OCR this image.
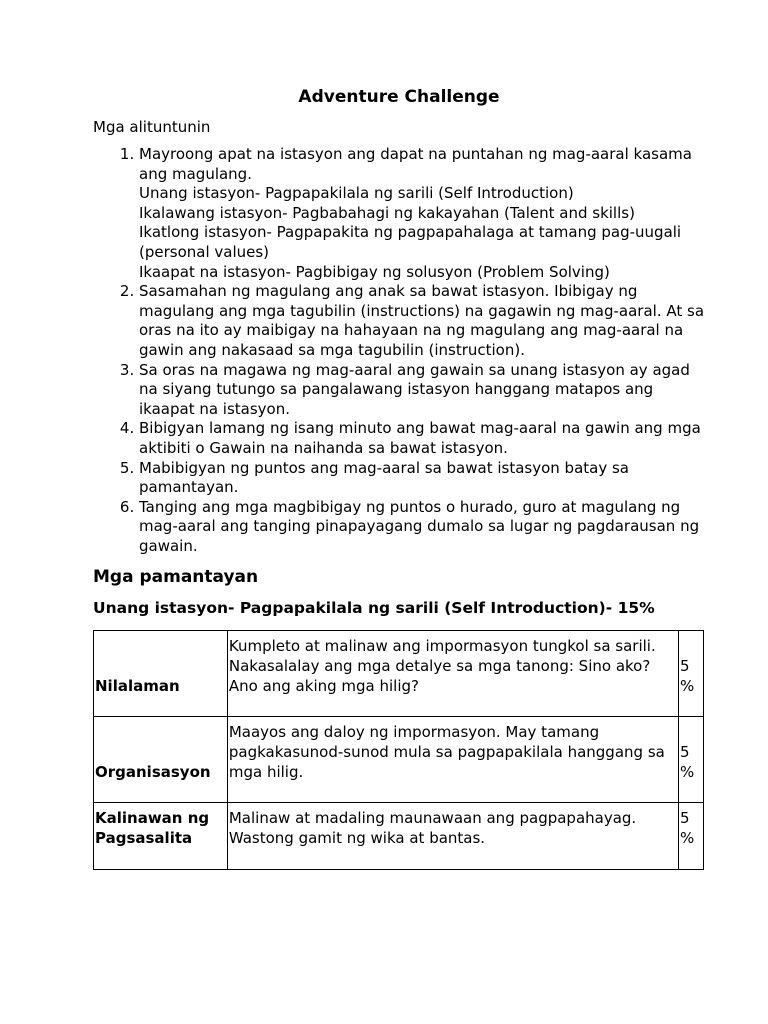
Adventure Challenge
Mga alituntunin
1. Mayroong apat na istasyon ang dapat na puntahan ng mag-aaral kasama ang magulang.
Unang istasyon- Pagpapakilala ng sarili (Self Introduction)
Ikalawang istasyon- Pagbabahagi ng kakayahan (Talent and skills)
Ikatlong istasyon- Pagpapakita ng pagpapahalaga at tamang pag-uugali (personal values)
Ikaapat na istasyon- Pagbibigay ng solusyon (Problem Solving)
2. Sasamahan ng magulang ang anak sa bawat istasyon. Ibibigay ng magulang ang mga tagubilin (instructions) na gagawin ng mag-aaral. At sa oras na ito ay maibigay na hahayaan na ng magulang ang mag-aaral na gawin ang nakasaad sa mga tagubilin (instruction).
3. Sa oras na magawa ng mag-aaral ang gawain sa unang istasyon ay agad na siyang tutungo sa pangalawang istasyon hanggang matapos ang ikaapat na istasyon.
4. Bibigyan lamang ng isang minuto ang bawat mag-aaral na gawin ang mga aktibiti o Gawain na naihanda sa bawat istasyon.
5. Mabibigyan ng puntos ang mag-aaral sa bawat istasyon batay sa pamantayan.
6. Tanging ang mga magbibigay ng puntos o hurado, guro at magulang ng mag-aaral ang tanging pinapayagang dumalo sa lugar ng pagdarausan ng gawain.
Mga pamantayan
Unang istasyon- Pagpapakilala ng sarili (Self Introduction)- 15%
Nilalaman	Kumpleto at malinaw ang impormasyon tungkol sa sarili. Nakasalalay ang mga detalye sa mga tanong: Sino ako? Ano ang aking mga hilig?	5 %

Organisasyon	Maayos ang daloy ng impormasyon. May tamang pagkakasunod-sunod mula sa pagpapakilala hanggang sa mga hilig.	5 %

Kalinawan ng Pagsasalita	Malinaw at madaling maunawaan ang pagpapahayag. Wastong gamit ng wika at bantas.	5 %
